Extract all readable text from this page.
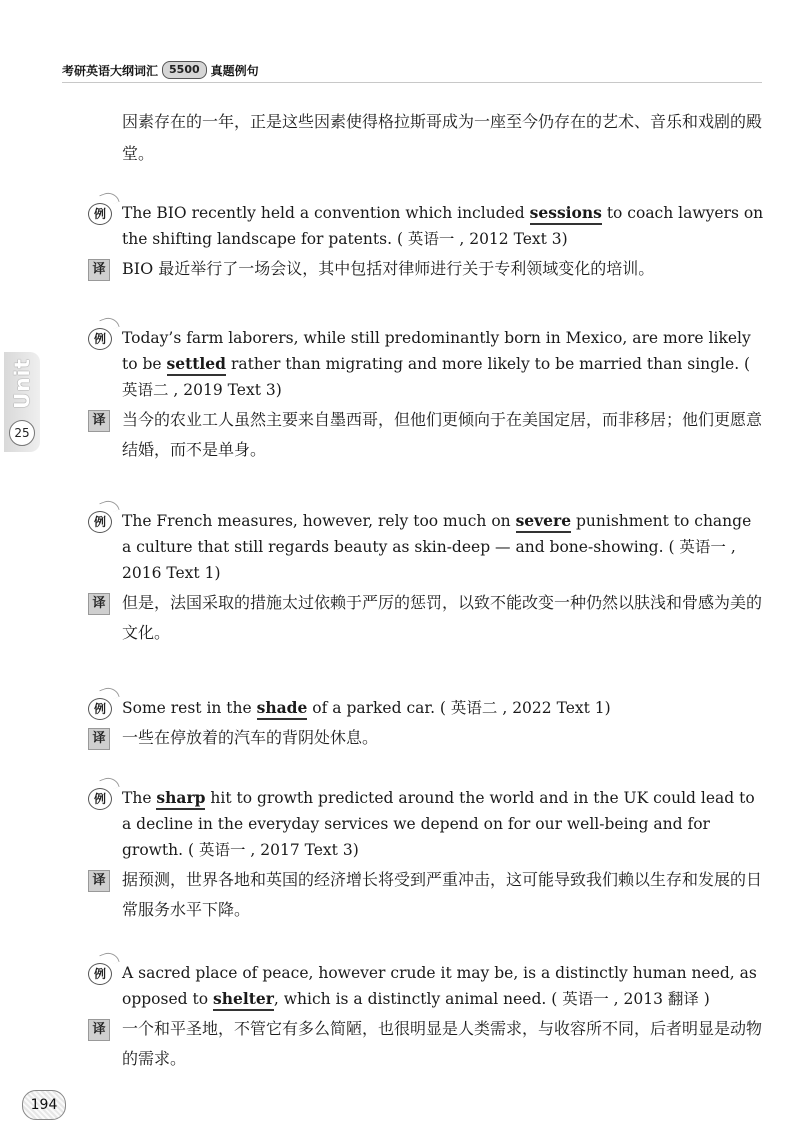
考研英语大纲词汇	5500 真题例句
Unit
25
因素存在的一年，正是这些因素使得格拉斯哥成为一座至今仍存在的艺术、音乐和戏剧的殿堂。
例	The BIO recently held a convention which included sessions to coach lawyers on the shifting landscape for patents. ( 英语一 , 2012 Text 3)
译 BIO 最近举行了一场会议，其中包括对律师进行关于专利领域变化的培训。
例	Today’s farm laborers, while still predominantly born in Mexico, are more likely to be settled rather than migrating and more likely to be married than single. ( 英语二 , 2019 Text 3)
译 当今的农业工人虽然主要来自墨西哥，但他们更倾向于在美国定居，而非移居；他们更愿意结婚，而不是单身。
例	The French measures, however, rely too much on severe punishment to change a culture that still regards beauty as skin-deep — and bone-showing. ( 英语一 , 2016 Text 1)
译 但是，法国采取的措施太过依赖于严厉的惩罚，以致不能改变一种仍然以肤浅和骨感为美的文化。
例	Some rest in the shade of a parked car. ( 英语二 , 2022 Text 1)
译 一些在停放着的汽车的背阴处休息。
例	The sharp hit to growth predicted around the world and in the UK could lead to a decline in the everyday services we depend on for our well-being and for growth. ( 英语一 , 2017 Text 3)
译 据预测，世界各地和英国的经济增长将受到严重冲击，这可能导致我们赖以生存和发展的日常服务水平下降。
例	A sacred place of peace, however crude it may be, is a distinctly human need, as opposed to shelter, which is a distinctly animal need. ( 英语一 , 2013 翻译 )
译 一个和平圣地，不管它有多么简陋，也很明显是人类需求，与收容所不同，后者明显是动物的需求。
194
